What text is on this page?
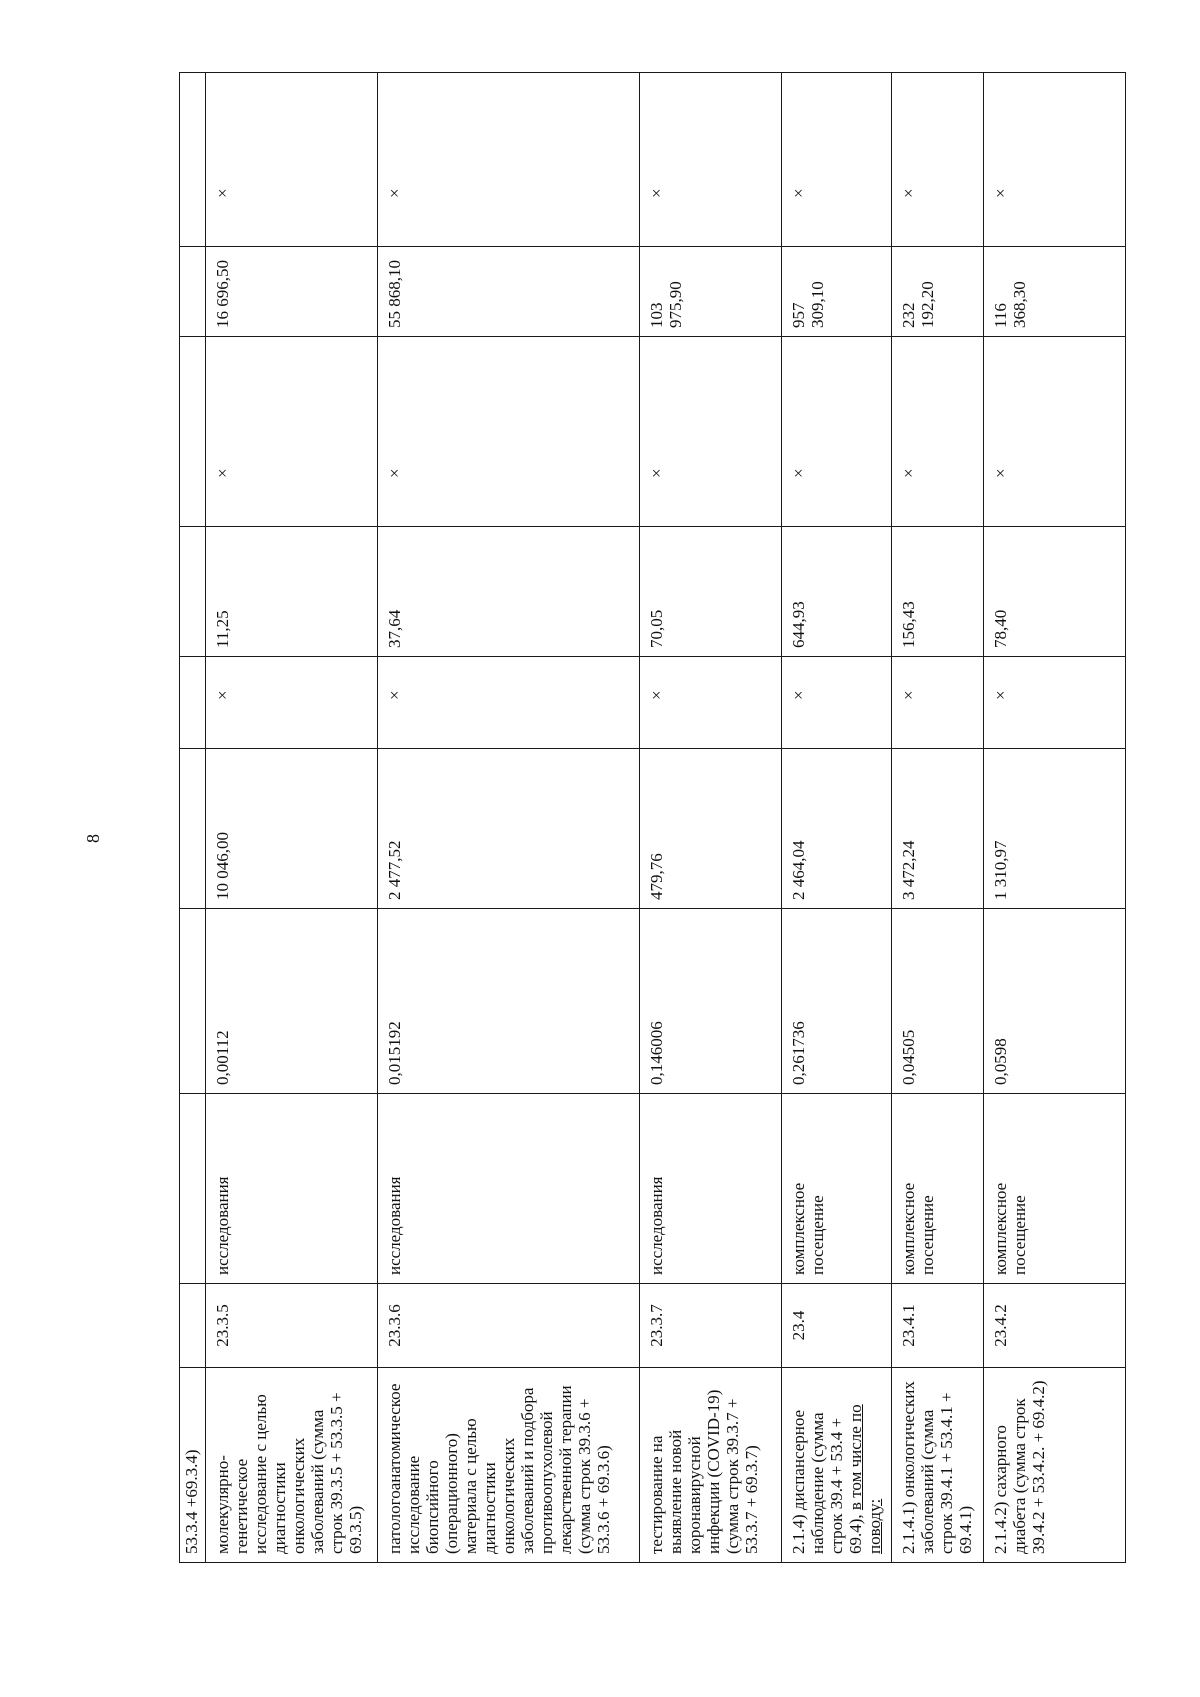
8
53.3.4 +69.3.4)									
молекулярно-генетическое исследование с целью диагностики онкологических заболеваний (сумма строк 39.3.5 + 53.3.5 + 69.3.5)	23.3.5	исследования	0,00112	10 046,00	×	11,25	×	16 696,50	×
патологоанатомическое исследование биопсийного (операционного) материала с целью диагностики онкологических заболеваний и подбора противоопухолевой лекарственной терапии (сумма строк 39.3.6 + 53.3.6 + 69.3.6)	23.3.6	исследования	0,015192	2 477,52	×	37,64	×	55 868,10	×
тестирование на выявление новой коронавирусной инфекции (COVID-19) (сумма строк 39.3.7 + 53.3.7 + 69.3.7)	23.3.7	исследования	0,146006	479,76	×	70,05	×	103 975,90	×
2.1.4) диспансерное наблюдение (сумма строк 39.4 + 53.4 + 69.4), в том числе по поводу:	23.4	комплексное посещение	0,261736	2 464,04	×	644,93	×	957 309,10	×
2.1.4.1) онкологических заболеваний (сумма строк 39.4.1 + 53.4.1 + 69.4.1)	23.4.1	комплексное посещение	0,04505	3 472,24	×	156,43	×	232 192,20	×
2.1.4.2) сахарного диабета (сумма строк 39.4.2 + 53.4.2. + 69.4.2)	23.4.2	комплексное посещение	0,0598	1 310,97	×	78,40	×	116 368,30	×
